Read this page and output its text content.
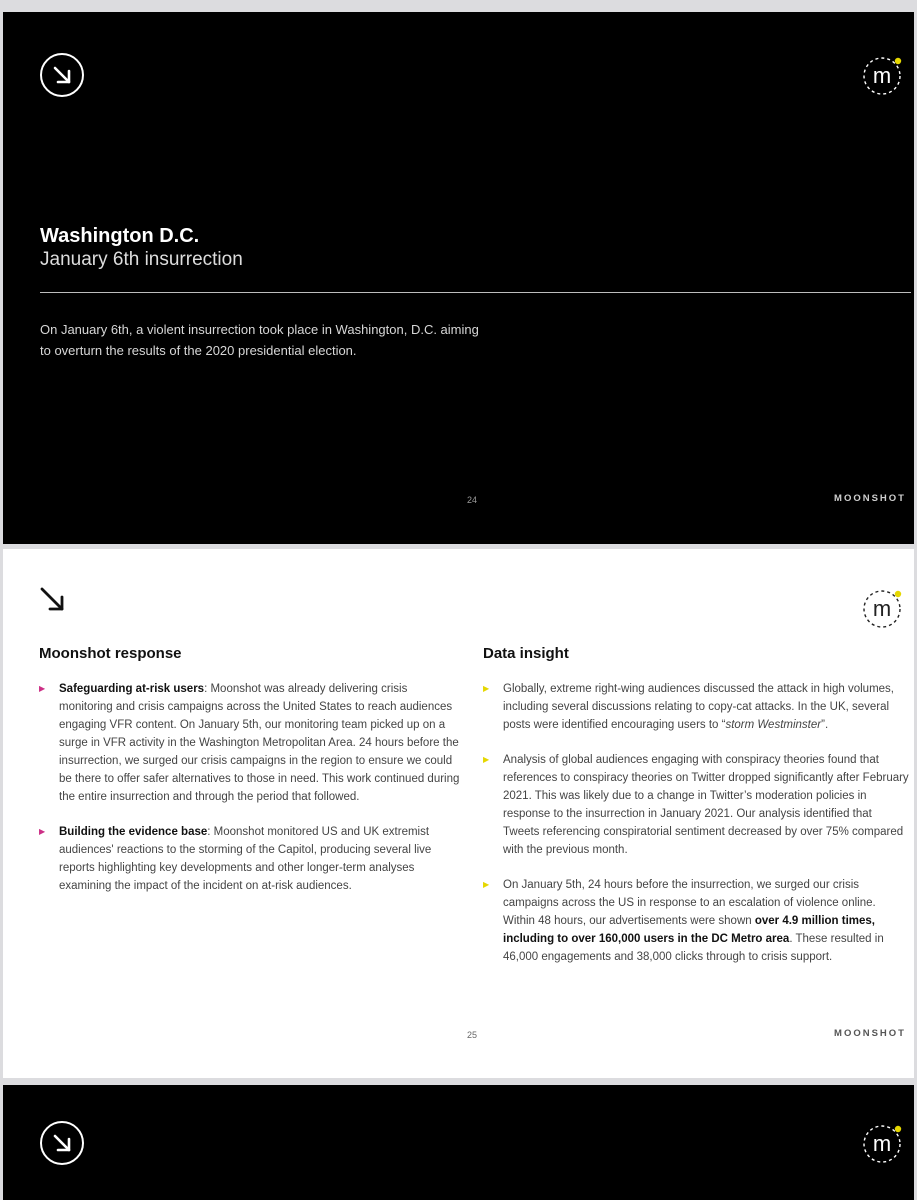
m
Washington D.C.
January 6th insurrection
On January 6th, a violent insurrection took place in Washington, D.C. aiming to overturn the results of the 2020 presidential election.
24	MOONSHOT
m
Moonshot response
▶ Safeguarding at-risk users: Moonshot was already delivering crisis monitoring and crisis campaigns across the United States to reach audiences engaging VFR content. On January 5th, our monitoring team picked up on a surge in VFR activity in the Washington Metropolitan Area. 24 hours before the insurrection, we surged our crisis campaigns in the region to ensure we could be there to offer safer alternatives to those in need. This work continued during the entire insurrection and through the period that followed.
▶ Building the evidence base: Moonshot monitored US and UK extremist audiences' reactions to the storming of the Capitol, producing several live reports highlighting key developments and other longer-term analyses examining the impact of the incident on at-risk audiences.
Data insight
▶ Globally, extreme right-wing audiences discussed the attack in high volumes, including several discussions relating to copy-cat attacks. In the UK, several posts were identified encouraging users to “storm Westminster”.
▶ Analysis of global audiences engaging with conspiracy theories found that references to conspiracy theories on Twitter dropped significantly after February 2021. This was likely due to a change in Twitter’s moderation policies in response to the insurrection in January 2021. Our analysis identified that Tweets referencing conspiratorial sentiment decreased by over 75% compared with the previous month.
▶ On January 5th, 24 hours before the insurrection, we surged our crisis campaigns across the US in response to an escalation of violence online. Within 48 hours, our advertisements were shown over 4.9 million times, including to over 160,000 users in the DC Metro area. These resulted in 46,000 engagements and 38,000 clicks through to crisis support.
25	MOONSHOT
m
